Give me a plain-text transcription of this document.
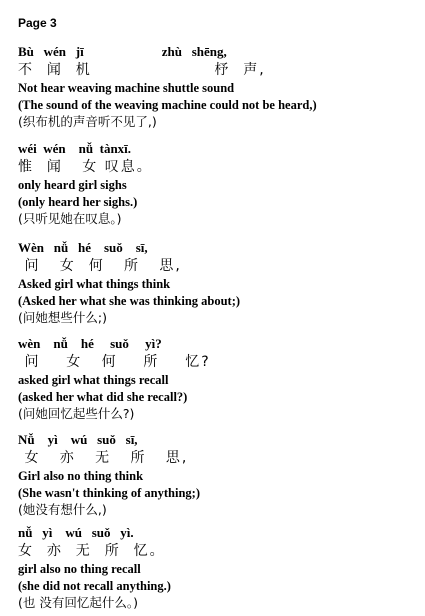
Page 3
Bù   wén   jī                        zhù   shēng,
不  闻  机                   杼  声,
Not hear weaving machine shuttle sound
(The sound of the weaving machine could not be heard,)
(织布机的声音听不见了,)
wéi  wén    nǚ  tànxī.
惟  闻   女 叹息。
only heard girl sighs
(only heard her sighs.)
(只听见她在叹息。)
Wèn   nǚ   hé    suǒ    sī,
问   女  何   所   思,
Asked girl what things think
(Asked her what she was thinking about;)
(问她想些什么;)
wèn    nǚ    hé     suǒ     yì?
问    女   何    所    忆?
asked girl what things recall
(asked her what did she recall?)
(问她回忆起些什么?)
Nǚ    yì    wú   suǒ   sī,
女   亦   无   所   思,
Girl also no thing think
(She wasn't thinking of anything;)
(她没有想什么,)
nǚ   yì    wú   suǒ   yì.
女  亦  无  所  忆。
girl also no thing recall
(she did not recall anything.)
(也 没有回忆起什么。)
